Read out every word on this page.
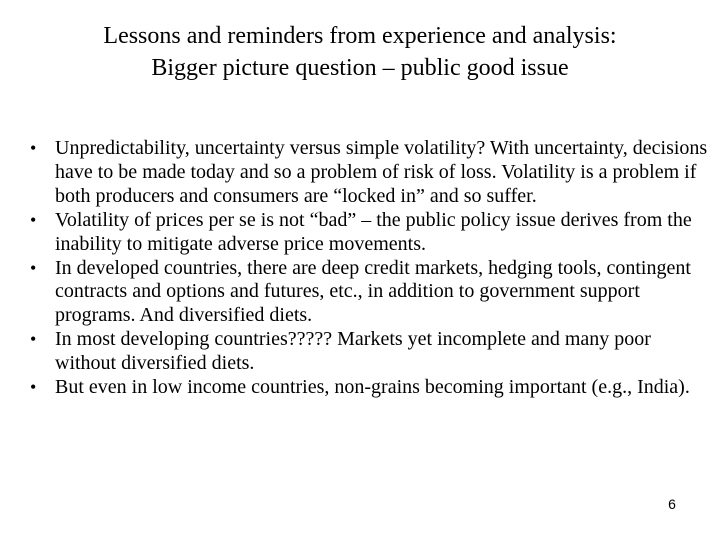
Lessons and reminders from experience and analysis:
Bigger picture question – public good issue
• Unpredictability, uncertainty versus simple volatility? With uncertainty, decisions have to be made today and so a problem of risk of loss. Volatility is a problem if both producers and consumers are “locked in” and so suffer.
• Volatility of prices per se is not “bad” – the public policy issue derives from the inability to mitigate adverse price movements.
• In developed countries, there are deep credit markets, hedging tools, contingent contracts and options and futures, etc., in addition to government support programs. And diversified diets.
• In most developing countries????? Markets yet incomplete and many poor without diversified diets.
• But even in low income countries, non-grains becoming important (e.g., India).
6
